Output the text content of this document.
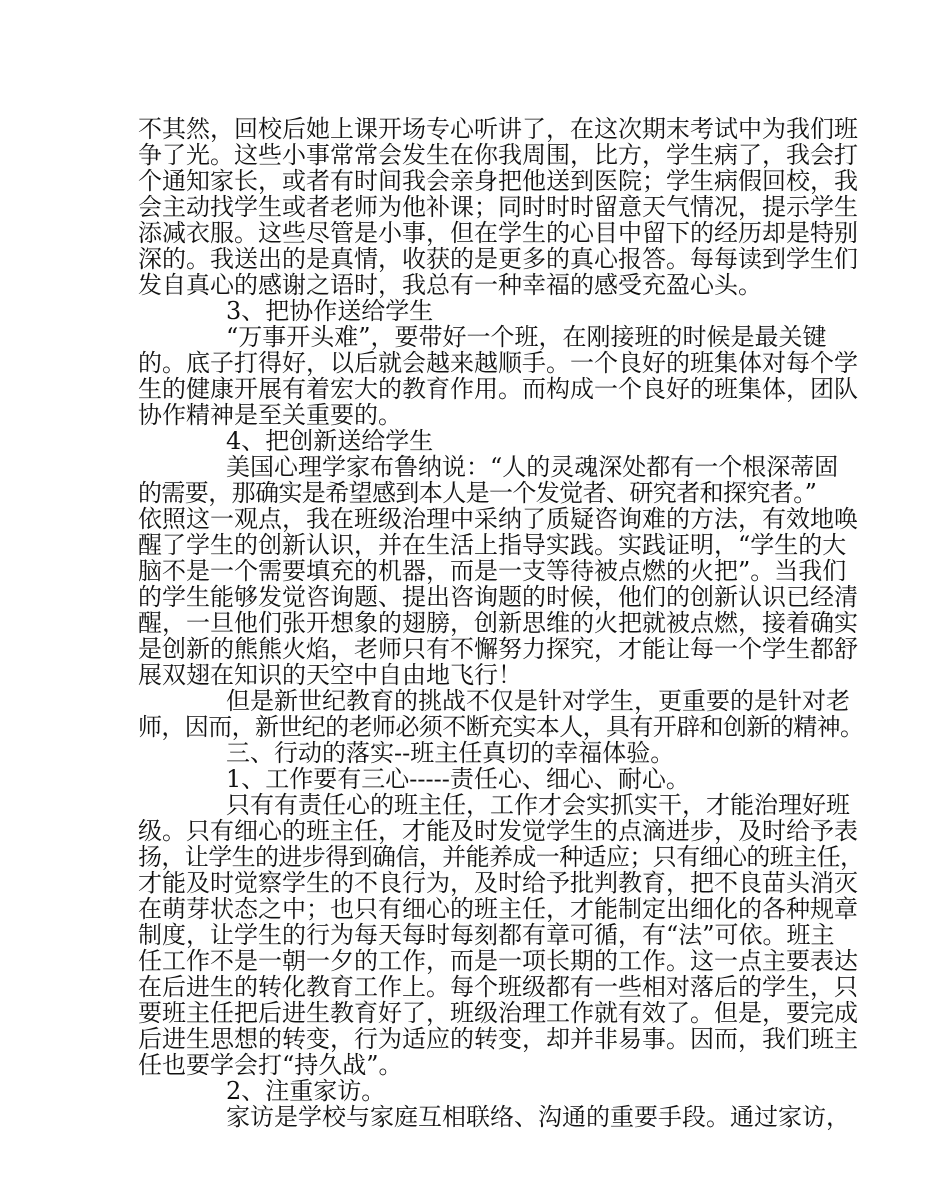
不其然，回校后她上课开场专心听讲了，在这次期末考试中为我们班
争了光。这些小事常常会发生在你我周围，比方，学生病了，我会打
个通知家长，或者有时间我会亲身把他送到医院；学生病假回校，我
会主动找学生或者老师为他补课；同时时时留意天气情况，提示学生
添减衣服。这些尽管是小事，但在学生的心目中留下的经历却是特别
深的。我送出的是真情，收获的是更多的真心报答。每每读到学生们
发自真心的感谢之语时，我总有一种幸福的感受充盈心头。
3、把协作送给学生
“万事开头难”，要带好一个班，在刚接班的时候是最关键
的。底子打得好，以后就会越来越顺手。一个良好的班集体对每个学
生的健康开展有着宏大的教育作用。而构成一个良好的班集体，团队
协作精神是至关重要的。
4、把创新送给学生
美国心理学家布鲁纳说：“人的灵魂深处都有一个根深蒂固
的需要，那确实是希望感到本人是一个发觉者、研究者和探究者。”
依照这一观点，我在班级治理中采纳了质疑咨询难的方法，有效地唤
醒了学生的创新认识，并在生活上指导实践。实践证明，“学生的大
脑不是一个需要填充的机器，而是一支等待被点燃的火把”。当我们
的学生能够发觉咨询题、提出咨询题的时候，他们的创新认识已经清
醒，一旦他们张开想象的翅膀，创新思维的火把就被点燃，接着确实
是创新的熊熊火焰，老师只有不懈努力探究，才能让每一个学生都舒
展双翅在知识的天空中自由地飞行！
但是新世纪教育的挑战不仅是针对学生，更重要的是针对老
师，因而，新世纪的老师必须不断充实本人，具有开辟和创新的精神。
三、行动的落实--班主任真切的幸福体验。
1、工作要有三心-----责任心、细心、耐心。
只有有责任心的班主任，工作才会实抓实干，才能治理好班
级。只有细心的班主任，才能及时发觉学生的点滴进步，及时给予表
扬，让学生的进步得到确信，并能养成一种适应；只有细心的班主任，
才能及时觉察学生的不良行为，及时给予批判教育，把不良苗头消灭
在萌芽状态之中；也只有细心的班主任，才能制定出细化的各种规章
制度，让学生的行为每天每时每刻都有章可循，有“法”可依。班主
任工作不是一朝一夕的工作，而是一项长期的工作。这一点主要表达
在后进生的转化教育工作上。每个班级都有一些相对落后的学生，只
要班主任把后进生教育好了，班级治理工作就有效了。但是，要完成
后进生思想的转变，行为适应的转变，却并非易事。因而，我们班主
任也要学会打“持久战”。
2、注重家访。
家访是学校与家庭互相联络、沟通的重要手段。通过家访，
